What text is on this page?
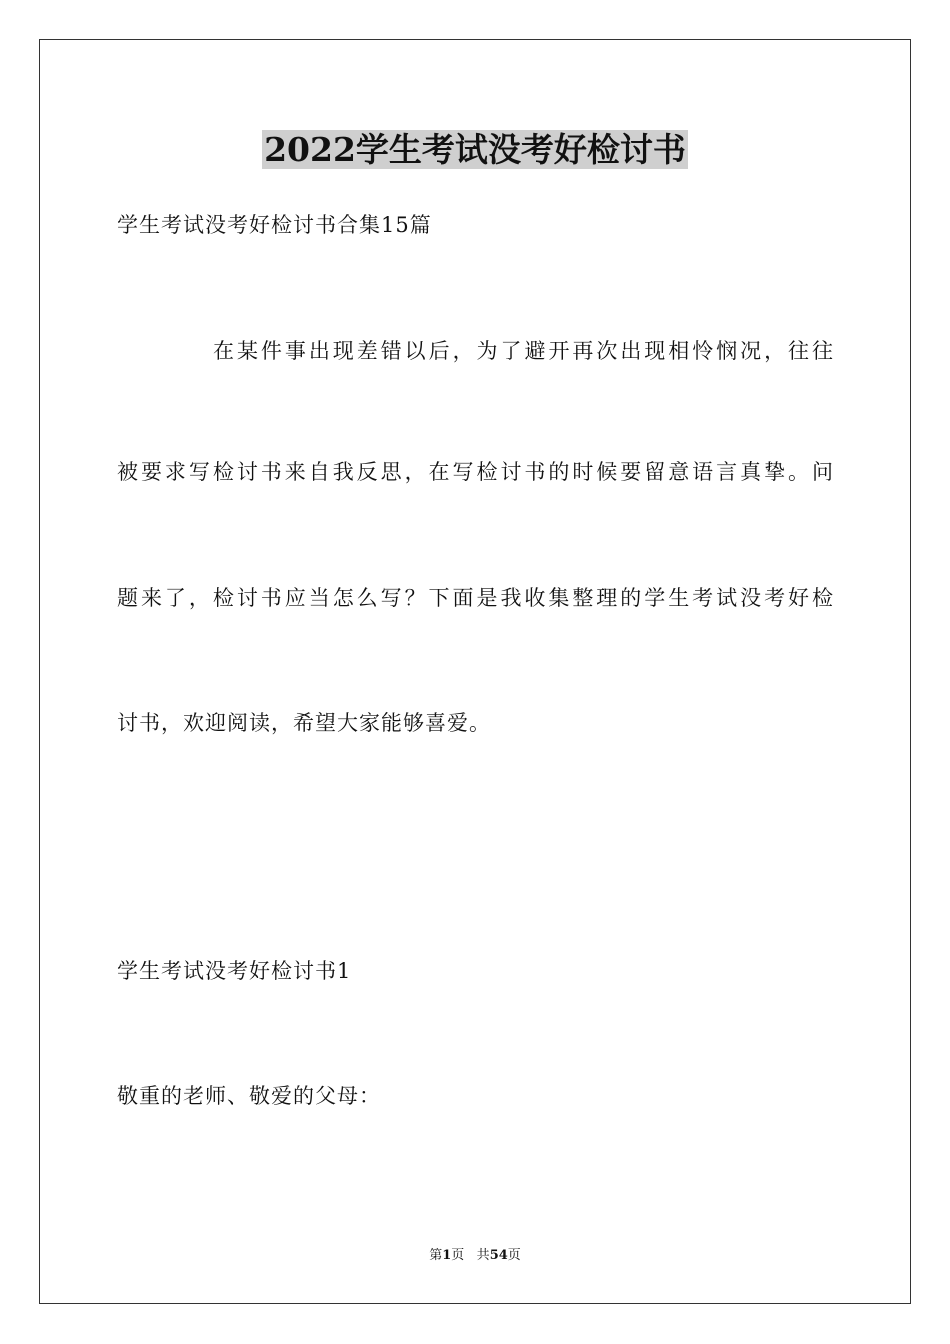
2022学生考试没考好检讨书

学生考试没考好检讨书合集15篇

在某件事出现差错以后，为了避开再次出现相怜悯况，往往

被要求写检讨书来自我反思，在写检讨书的时候要留意语言真挚。问

题来了，检讨书应当怎么写？下面是我收集整理的学生考试没考好检

讨书，欢迎阅读，希望大家能够喜爱。

学生考试没考好检讨书1

敬重的老师、敬爱的父母：

第1页 共54页
